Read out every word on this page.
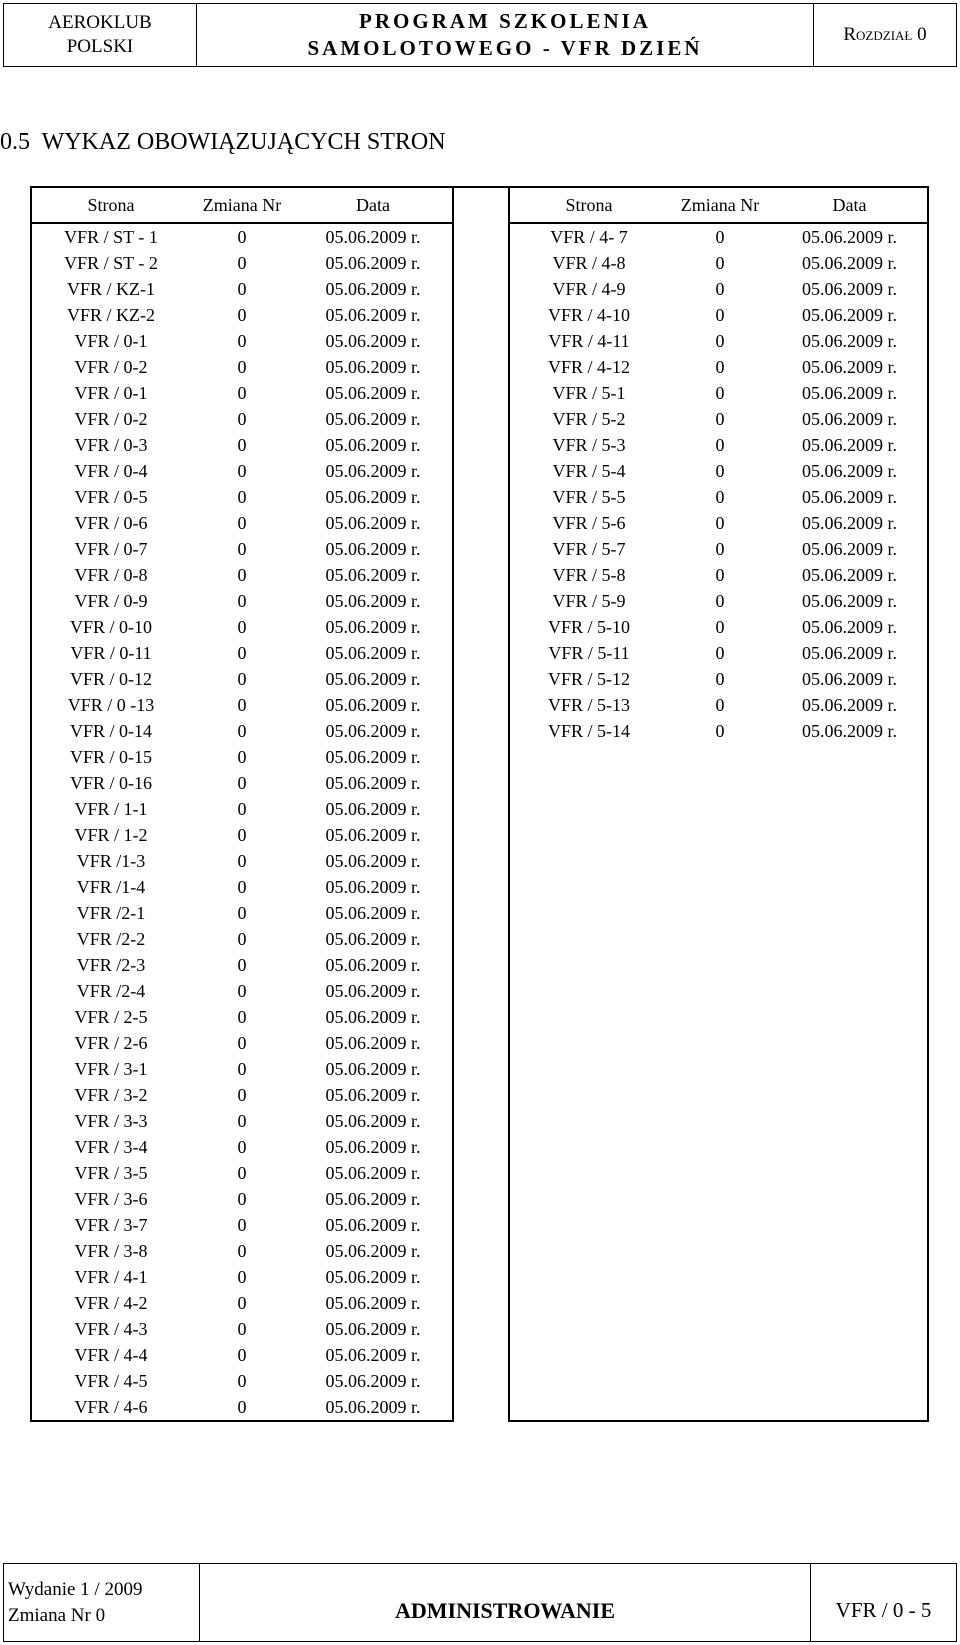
AEROKLUB
POLSKI
PROGRAM SZKOLENIA
SAMOLOTOWEGO - VFR DZIEŃ
Rozdział 0
0.5  WYKAZ OBOWIĄZUJĄCYCH STRON
Strona	Zmiana Nr	Data
VFR / ST - 1	0	05.06.2009 r.
VFR / ST - 2	0	05.06.2009 r.
VFR / KZ-1	0	05.06.2009 r.
VFR / KZ-2	0	05.06.2009 r.
VFR / 0-1	0	05.06.2009 r.
VFR / 0-2	0	05.06.2009 r.
VFR / 0-1	0	05.06.2009 r.
VFR / 0-2	0	05.06.2009 r.
VFR / 0-3	0	05.06.2009 r.
VFR / 0-4	0	05.06.2009 r.
VFR / 0-5	0	05.06.2009 r.
VFR / 0-6	0	05.06.2009 r.
VFR / 0-7	0	05.06.2009 r.
VFR / 0-8	0	05.06.2009 r.
VFR / 0-9	0	05.06.2009 r.
VFR / 0-10	0	05.06.2009 r.
VFR / 0-11	0	05.06.2009 r.
VFR / 0-12	0	05.06.2009 r.
VFR / 0 -13	0	05.06.2009 r.
VFR / 0-14	0	05.06.2009 r.
VFR / 0-15	0	05.06.2009 r.
VFR / 0-16	0	05.06.2009 r.
VFR / 1-1	0	05.06.2009 r.
VFR / 1-2	0	05.06.2009 r.
VFR /1-3	0	05.06.2009 r.
VFR /1-4	0	05.06.2009 r.
VFR /2-1	0	05.06.2009 r.
VFR /2-2	0	05.06.2009 r.
VFR /2-3	0	05.06.2009 r.
VFR /2-4	0	05.06.2009 r.
VFR / 2-5	0	05.06.2009 r.
VFR / 2-6	0	05.06.2009 r.
VFR / 3-1	0	05.06.2009 r.
VFR / 3-2	0	05.06.2009 r.
VFR / 3-3	0	05.06.2009 r.
VFR / 3-4	0	05.06.2009 r.
VFR / 3-5	0	05.06.2009 r.
VFR / 3-6	0	05.06.2009 r.
VFR / 3-7	0	05.06.2009 r.
VFR / 3-8	0	05.06.2009 r.
VFR / 4-1	0	05.06.2009 r.
VFR / 4-2	0	05.06.2009 r.
VFR / 4-3	0	05.06.2009 r.
VFR / 4-4	0	05.06.2009 r.
VFR / 4-5	0	05.06.2009 r.
VFR / 4-6	0	05.06.2009 r.
Strona	Zmiana Nr	Data
VFR / 4- 7	0	05.06.2009 r.
VFR / 4-8	0	05.06.2009 r.
VFR / 4-9	0	05.06.2009 r.
VFR / 4-10	0	05.06.2009 r.
VFR / 4-11	0	05.06.2009 r.
VFR / 4-12	0	05.06.2009 r.
VFR / 5-1	0	05.06.2009 r.
VFR / 5-2	0	05.06.2009 r.
VFR / 5-3	0	05.06.2009 r.
VFR / 5-4	0	05.06.2009 r.
VFR / 5-5	0	05.06.2009 r.
VFR / 5-6	0	05.06.2009 r.
VFR / 5-7	0	05.06.2009 r.
VFR / 5-8	0	05.06.2009 r.
VFR / 5-9	0	05.06.2009 r.
VFR / 5-10	0	05.06.2009 r.
VFR / 5-11	0	05.06.2009 r.
VFR / 5-12	0	05.06.2009 r.
VFR / 5-13	0	05.06.2009 r.
VFR / 5-14	0	05.06.2009 r.

Wydanie 1 / 2009
Zmiana Nr 0	ADMINISTROWANIE	VFR / 0 - 5
